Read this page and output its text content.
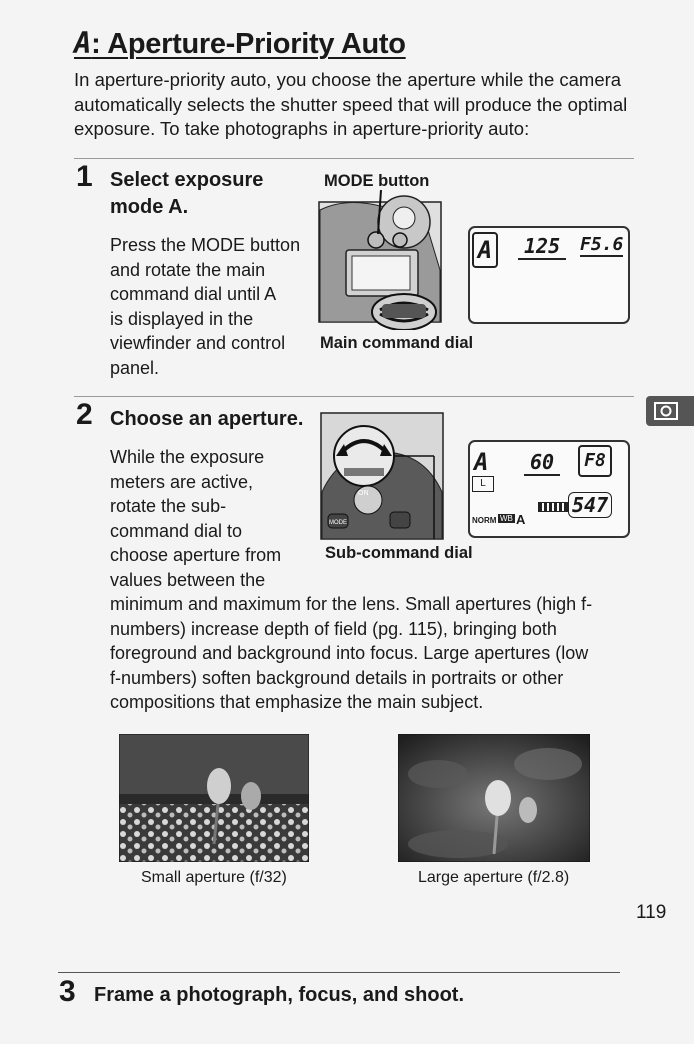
A: Aperture-Priority Auto
In aperture-priority auto, you choose the aperture while the camera automatically selects the shutter speed that will produce the optimal exposure. To take photographs in aperture-priority auto:
1 Select exposure
mode A.
Press the MODE button
and rotate the main
command dial until A
is displayed in the
viewfinder and control
panel.
MODE button
Main command dial
A	125	F5.6
2 Choose an aperture.
While the exposure
meters are active,
rotate the sub-
command dial to
choose aperture from
values between the
minimum and maximum for the lens. Small apertures (high f-
numbers) increase depth of field (pg. 115), bringing both
foreground and background into focus. Large apertures (low
f-numbers) soften background details in portraits or other
compositions that emphasize the main subject.
ON
MODE
Sub-command dial
A	60	F8
L
547
NORM WB A
Small aperture (f/32)	Large aperture (f/2.8)
119
3 Frame a photograph, focus, and shoot.
